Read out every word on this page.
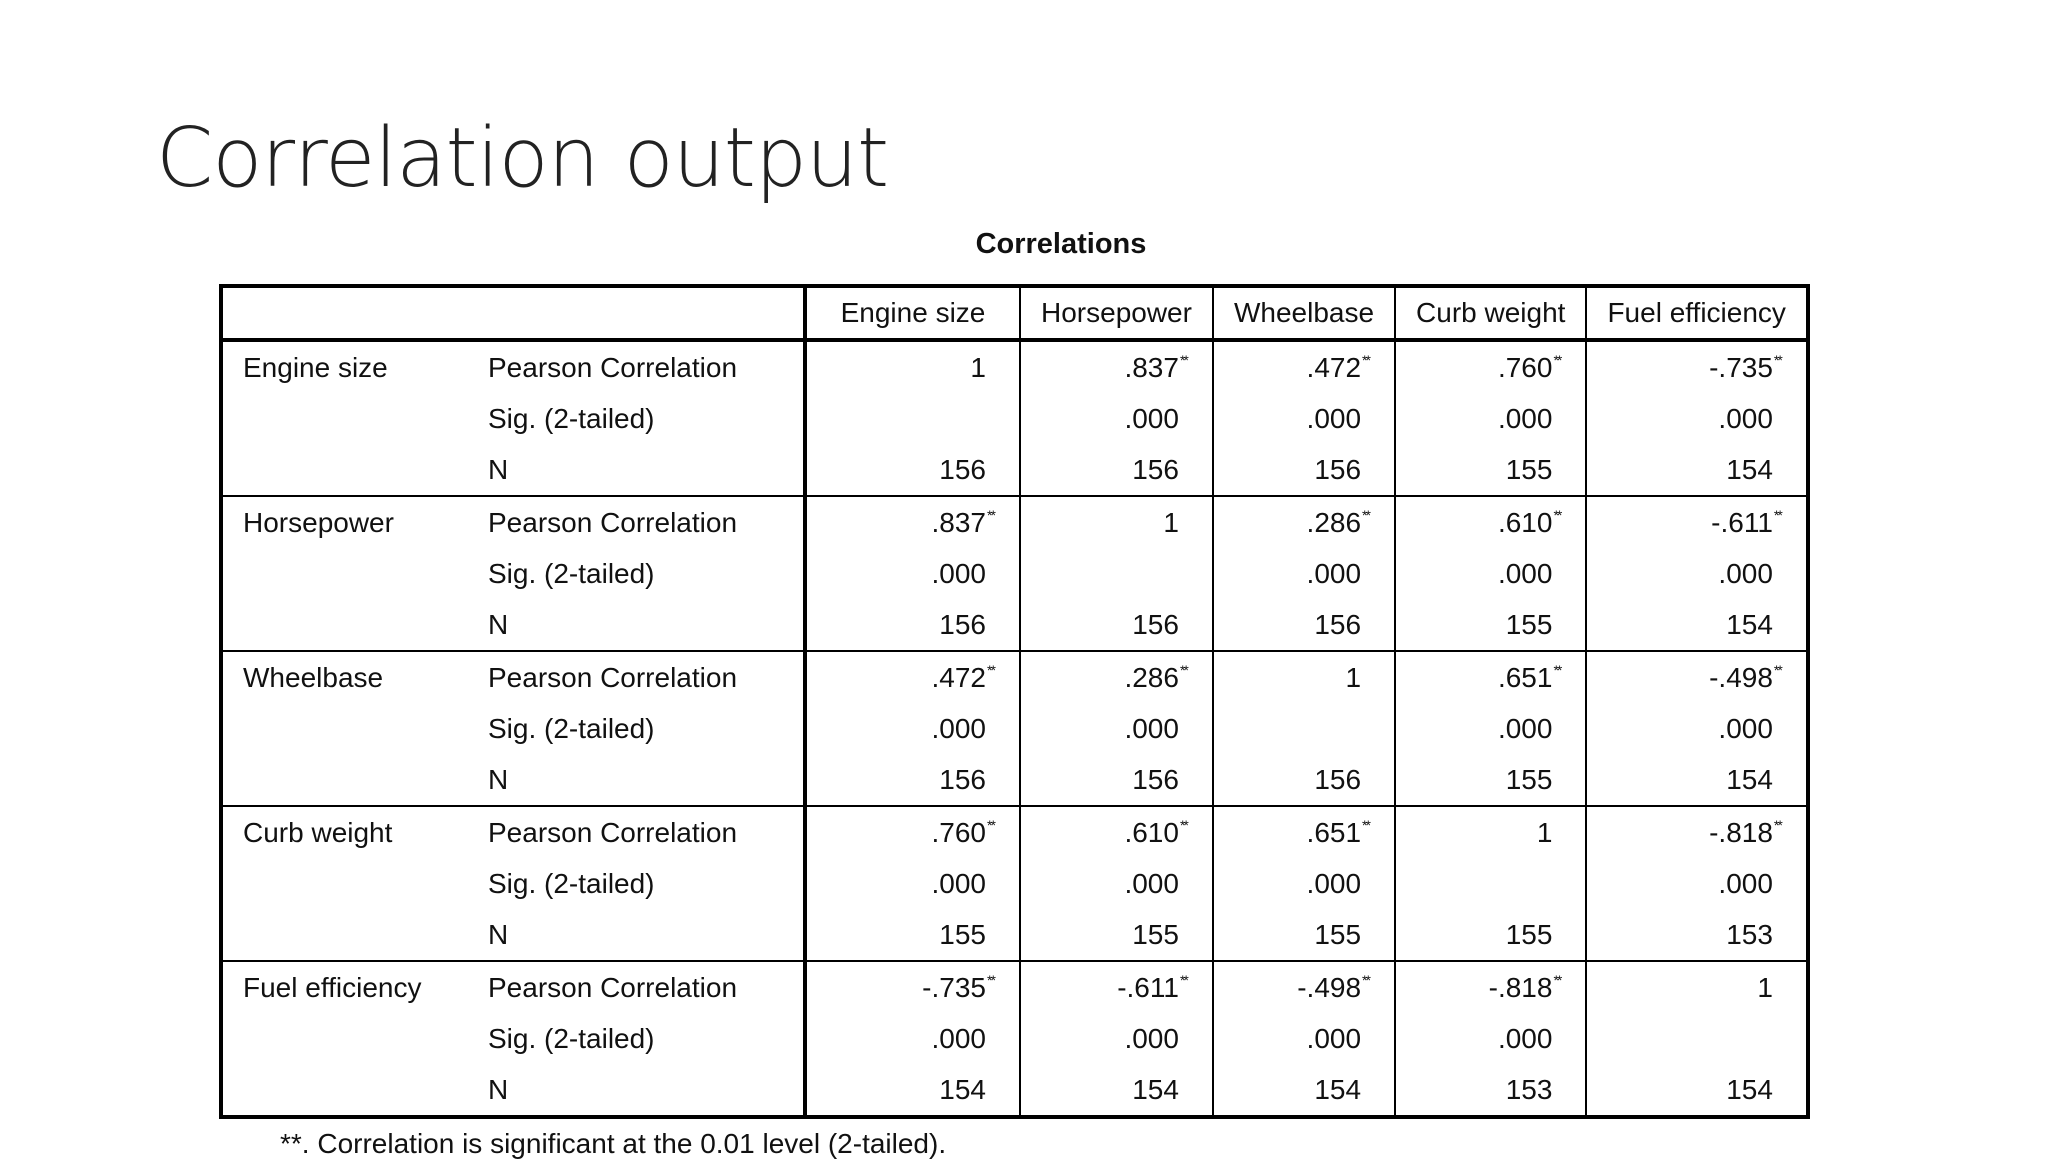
Correlation output
Correlations
		Engine size	Horsepower	Wheelbase	Curb weight	Fuel efficiency
Engine size	Pearson Correlation	1	.837**	.472**	.760**	-.735**
	Sig. (2-tailed)		.000	.000	.000	.000
	N	156	156	156	155	154
Horsepower	Pearson Correlation	.837**	1	.286**	.610**	-.611**
	Sig. (2-tailed)	.000		.000	.000	.000
	N	156	156	156	155	154
Wheelbase	Pearson Correlation	.472**	.286**	1	.651**	-.498**
	Sig. (2-tailed)	.000	.000		.000	.000
	N	156	156	156	155	154
Curb weight	Pearson Correlation	.760**	.610**	.651**	1	-.818**
	Sig. (2-tailed)	.000	.000	.000		.000
	N	155	155	155	155	153
Fuel efficiency	Pearson Correlation	-.735**	-.611**	-.498**	-.818**	1
	Sig. (2-tailed)	.000	.000	.000	.000	
	N	154	154	154	153	154
**. Correlation is significant at the 0.01 level (2-tailed).
